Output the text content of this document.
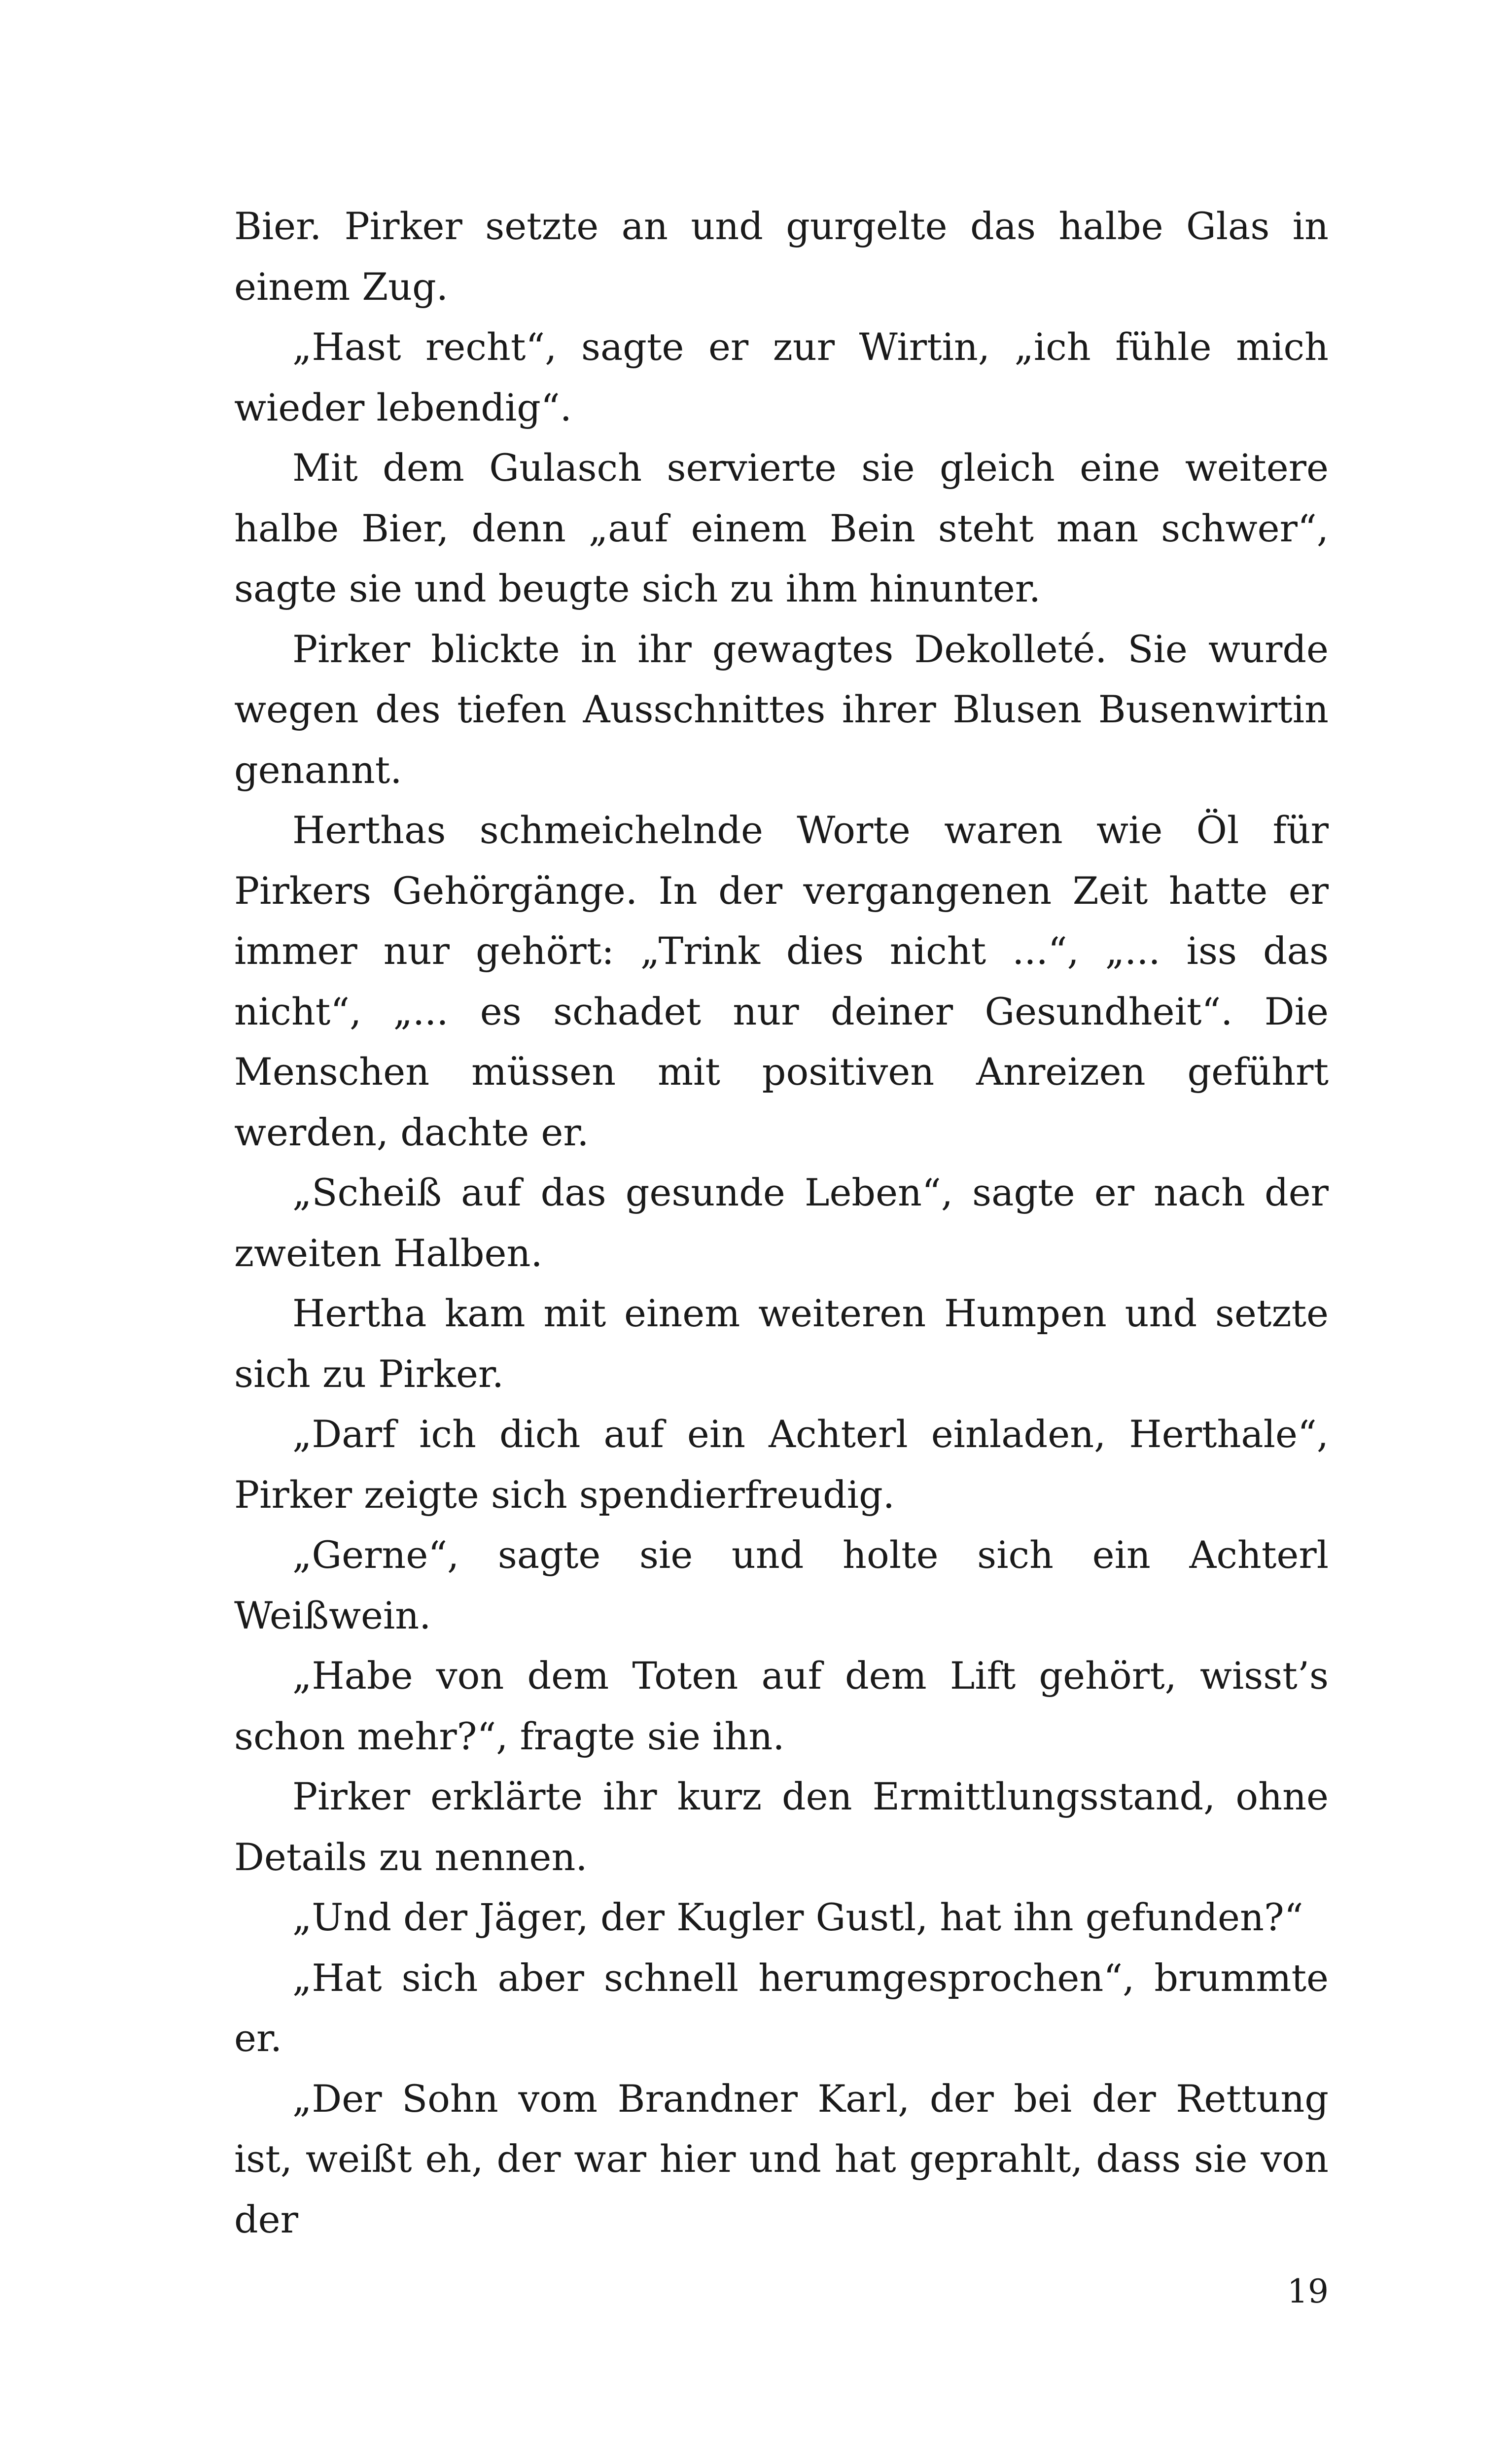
Bier. Pirker setzte an und gurgelte das halbe Glas in einem Zug.

„Hast recht“, sagte er zur Wirtin, „ich fühle mich wieder lebendig“.

Mit dem Gulasch servierte sie gleich eine weitere halbe Bier, denn „auf einem Bein steht man schwer“, sagte sie und beugte sich zu ihm hinunter.

Pirker blickte in ihr gewagtes Dekolleté. Sie wurde wegen des tiefen Ausschnittes ihrer Blusen Busenwirtin genannt.

Herthas schmeichelnde Worte waren wie Öl für Pirkers Gehörgänge. In der vergangenen Zeit hatte er immer nur gehört: „Trink dies nicht ...“, „... iss das nicht“, „... es schadet nur deiner Gesundheit“. Die Menschen müssen mit positiven Anreizen geführt werden, dachte er.

„Scheiß auf das gesunde Leben“, sagte er nach der zweiten Halben.

Hertha kam mit einem weiteren Humpen und setzte sich zu Pirker.

„Darf ich dich auf ein Achterl einladen, Herthale“, Pirker zeigte sich spendierfreudig.

„Gerne“, sagte sie und holte sich ein Achterl Weißwein.

„Habe von dem Toten auf dem Lift gehört, wisst’s schon mehr?“, fragte sie ihn.

Pirker erklärte ihr kurz den Ermittlungsstand, ohne Details zu nennen.

„Und der Jäger, der Kugler Gustl, hat ihn gefunden?“

„Hat sich aber schnell herumgesprochen“, brummte er.

„Der Sohn vom Brandner Karl, der bei der Rettung ist, weißt eh, der war hier und hat geprahlt, dass sie von der

19
